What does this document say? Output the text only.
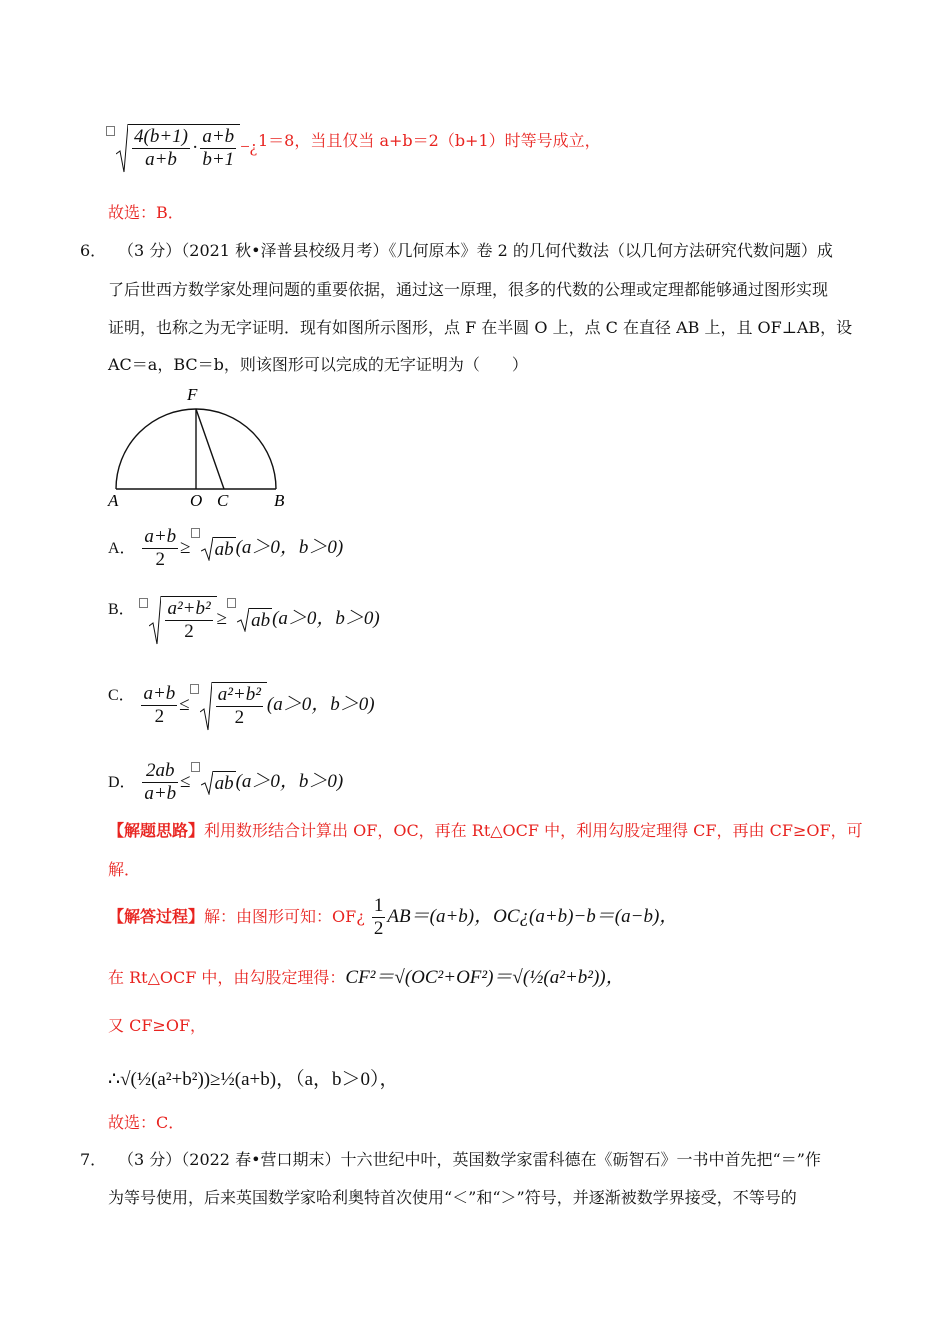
$\frac{4(b+1)}{a+b} \cdot \frac{a+b}{b+1}$ −¿ 1＝8，当且仅当 a+b＝2（b+1）时等号成立，
故选：B．
6． （3 分）（2021 秋•泽普县校级月考）《几何原本》卷 2 的几何代数法（以几何方法研究代数问题）成
了后世西方数学家处理问题的重要依据，通过这一原理，很多的代数的公理或定理都能够通过图形实现
证明，也称之为无字证明．现有如图所示图形，点 F 在半圆 O 上，点 C 在直径 AB 上，且 OF⊥AB，设
AC＝a，BC＝b，则该图形可以完成的无字证明为（　　）
F
A	O C	B
A． $\frac{a+b}{2}$ ≥ ab (a＞0，b＞0)
$^{B.} \frac{\text{a²+b²}}{2}$ ≥ ab (a＞0，b＞0)
$^{C.} \frac{a+b}{2} \le \frac{\text{a²+b²}}{2} (a>0$，b＞0)
D． $\frac{2ab}{a+b}$ ≤ ab (a＞0，b＞0)
【解题思路】利用数形结合计算出 OF，OC，再在 Rt△OCF 中，利用勾股定理得 CF，再由 CF≥OF，可
解．
【解答过程】解：由图形可知：OF¿ $\frac{1}{2} AB=(a+b)$，OC¿(a+b)−b＝(a−b)，
在 Rt△OCF 中，由勾股定理得：CF²＝√(OC²+OF²)＝√(½(a²+b²))，
又 CF≥OF，
∴√(½(a²+b²))≥½(a+b)，（a，b＞0），
故选：C．
7． （3 分）（2022 春•营口期末）十六世纪中叶，英国数学家雷科德在《砺智石》一书中首先把“＝”作
为等号使用，后来英国数学家哈利奥特首次使用“＜”和“＞”符号，并逐渐被数学界接受，不等号的
